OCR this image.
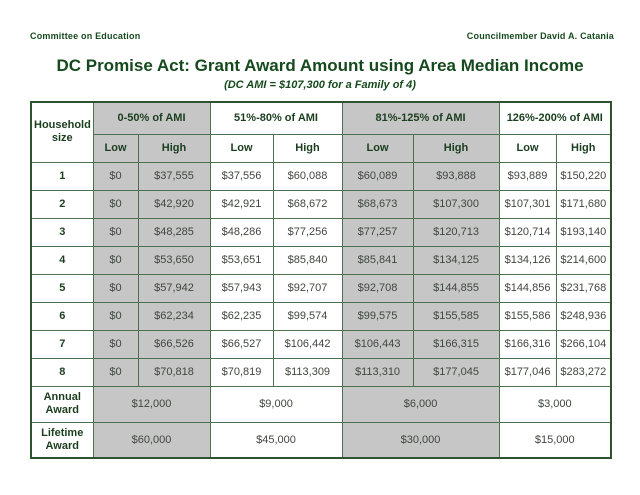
Committee on Education	Councilmember David A. Catania
DC Promise Act: Grant Award Amount using Area Median Income
(DC AMI = $107,300 for a Family of 4)
Household size	0-50% of AMI		51%-80% of AMI		81%-125% of AMI		126%-200% of AMI	
	Low	High	Low	High	Low	High	Low	High
1	$0	$37,555	$37,556	$60,088	$60,089	$93,888	$93,889	$150,220
2	$0	$42,920	$42,921	$68,672	$68,673	$107,300	$107,301	$171,680
3	$0	$48,285	$48,286	$77,256	$77,257	$120,713	$120,714	$193,140
4	$0	$53,650	$53,651	$85,840	$85,841	$134,125	$134,126	$214,600
5	$0	$57,942	$57,943	$92,707	$92,708	$144,855	$144,856	$231,768
6	$0	$62,234	$62,235	$99,574	$99,575	$155,585	$155,586	$248,936
7	$0	$66,526	$66,527	$106,442	$106,443	$166,315	$166,316	$266,104
8	$0	$70,818	$70,819	$113,309	$113,310	$177,045	$177,046	$283,272
Annual Award	$12,000		$9,000		$6,000		$3,000	
Lifetime Award	$60,000		$45,000		$30,000		$15,000	
